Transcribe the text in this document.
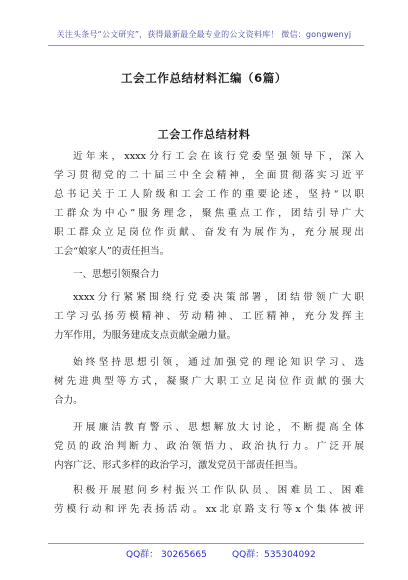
关注头条号“公文研究”，获得最新最全最专业的公文资料库！ 微信：gongwenyj
工会工作总结材料汇编（6篇）
工会工作总结材料
近年来，xxxx分行工会在该行党委坚强领导下，深入
学习贯彻党的二十届三中全会精神，全面贯彻落实习近平
总书记关于工人阶级和工会工作的重要论述，坚持“以职
工群众为中心”服务理念，聚焦重点工作，团结引导广大
职工群众立足岗位作贡献、奋发有为展作为，充分展现出
工会“娘家人”的责任担当。
一、思想引领聚合力
xxxx分行紧紧围绕行党委决策部署，团结带领广大职
工学习弘扬劳模精神、劳动精神、工匠精神，充分发挥主
力军作用，为服务建成支点贡献金融力量。
始终坚持思想引领，通过加强党的理论知识学习、选
树先进典型等方式，凝聚广大职工立足岗位作贡献的强大
合力。
开展廉洁教育警示、思想解放大讨论，不断提高全体
党员的政治判断力、政治领悟力、政治执行力。广泛开展
内容广泛、形式多样的政治学习，激发党员干部责任担当。
积极开展慰问乡村振兴工作队队员、困难员工、困难
劳模行动和评先表扬活动。xx北京路支行等x个集体被评
QQ群： 30265665	QQ群：535304092
